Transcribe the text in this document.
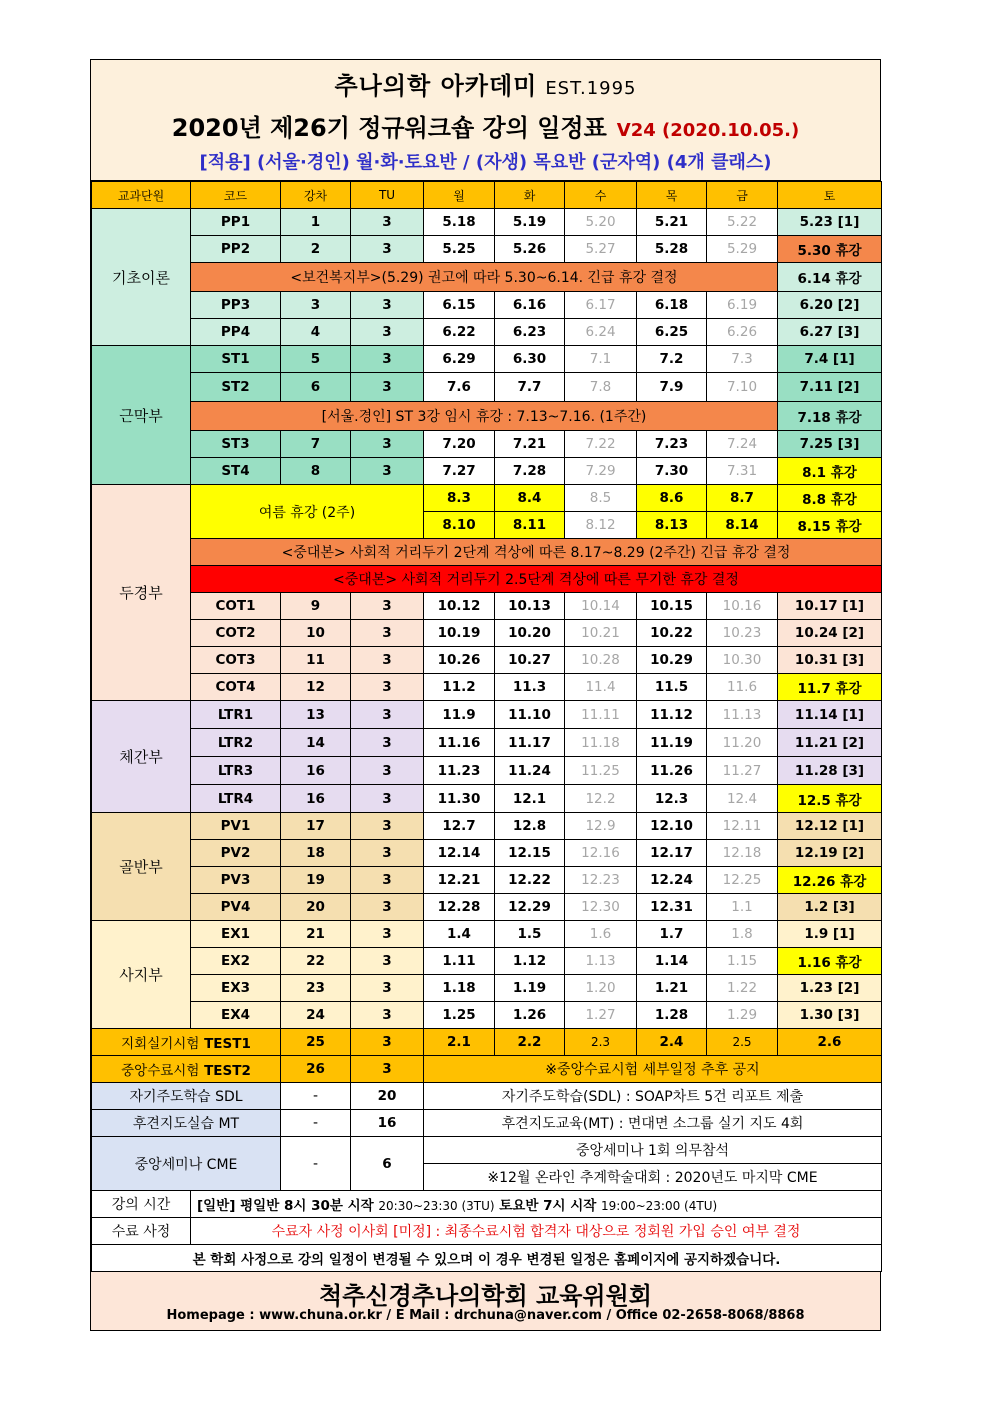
추나의학 아카데미 EST.1995
2020년 제26기 정규워크숍 강의 일정표 V24 (2020.10.05.)
[적용] (서울·경인) 월·화·토요반 / (자생) 목요반 (군자역) (4개 클래스)
교과단원	코드	강차	TU	월	화	수	목	금	토
기초이론	PP1	1	3	5.18	5.19	5.20	5.21	5.22	5.23 [1]
	PP2	2	3	5.25	5.26	5.27	5.28	5.29	5.30 휴강
	<보건복지부>(5.29) 권고에 따라 5.30~6.14. 긴급 휴강 결정								6.14 휴강
	PP3	3	3	6.15	6.16	6.17	6.18	6.19	6.20 [2]
	PP4	4	3	6.22	6.23	6.24	6.25	6.26	6.27 [3]
근막부	ST1	5	3	6.29	6.30	7.1	7.2	7.3	7.4 [1]
	ST2	6	3	7.6	7.7	7.8	7.9	7.10	7.11 [2]
	[서울.경인] ST 3강 임시 휴강 : 7.13~7.16. (1주간)								7.18 휴강
	ST3	7	3	7.20	7.21	7.22	7.23	7.24	7.25 [3]
	ST4	8	3	7.27	7.28	7.29	7.30	7.31	8.1 휴강
두경부	여름 휴강 (2주)			8.3	8.4	8.5	8.6	8.7	8.8 휴강
				8.10	8.11	8.12	8.13	8.14	8.15 휴강
	<중대본> 사회적 거리두기 2단계 격상에 따른 8.17~8.29 (2주간) 긴급 휴강 결정								
	<중대본> 사회적 거리두기 2.5단계 격상에 따른 무기한 휴강 결정								
	COT1	9	3	10.12	10.13	10.14	10.15	10.16	10.17 [1]
	COT2	10	3	10.19	10.20	10.21	10.22	10.23	10.24 [2]
	COT3	11	3	10.26	10.27	10.28	10.29	10.30	10.31 [3]
	COT4	12	3	11.2	11.3	11.4	11.5	11.6	11.7 휴강
체간부	LTR1	13	3	11.9	11.10	11.11	11.12	11.13	11.14 [1]
	LTR2	14	3	11.16	11.17	11.18	11.19	11.20	11.21 [2]
	LTR3	16	3	11.23	11.24	11.25	11.26	11.27	11.28 [3]
	LTR4	16	3	11.30	12.1	12.2	12.3	12.4	12.5 휴강
골반부	PV1	17	3	12.7	12.8	12.9	12.10	12.11	12.12 [1]
	PV2	18	3	12.14	12.15	12.16	12.17	12.18	12.19 [2]
	PV3	19	3	12.21	12.22	12.23	12.24	12.25	12.26 휴강
	PV4	20	3	12.28	12.29	12.30	12.31	1.1	1.2 [3]
사지부	EX1	21	3	1.4	1.5	1.6	1.7	1.8	1.9 [1]
	EX2	22	3	1.11	1.12	1.13	1.14	1.15	1.16 휴강
	EX3	23	3	1.18	1.19	1.20	1.21	1.22	1.23 [2]
	EX4	24	3	1.25	1.26	1.27	1.28	1.29	1.30 [3]
지회실기시험 TEST1		25	3	2.1	2.2	2.3	2.4	2.5	2.6
중앙수료시험 TEST2		26	3	※중앙수료시험 세부일정 추후 공지					
자기주도학습 SDL		-	20	자기주도학습(SDL) : SOAP차트 5건 리포트 제출					
후견지도실습 MT		-	16	후견지도교육(MT) : 면대면 소그룹 실기 지도 4회					
중앙세미나 CME		-	6	중앙세미나 1회 의무참석					
				※12월 온라인 추계학술대회 : 2020년도 마지막 CME					
강의 시간	[일반] 평일반 8시 30분 시작 20:30~23:30 (3TU) 토요반 7시 시작 19:00~23:00 (4TU)								
수료 사정	수료자 사정 이사회 [미정] : 최종수료시험 합격자 대상으로 정회원 가입 승인 여부 결정								
본 학회 사정으로 강의 일정이 변경될 수 있으며 이 경우 변경된 일정은 홈페이지에 공지하겠습니다.									
척추신경추나의학회 교육위원회
Homepage : www.chuna.or.kr / E Mail : drchuna@naver.com / Office 02-2658-8068/8868
